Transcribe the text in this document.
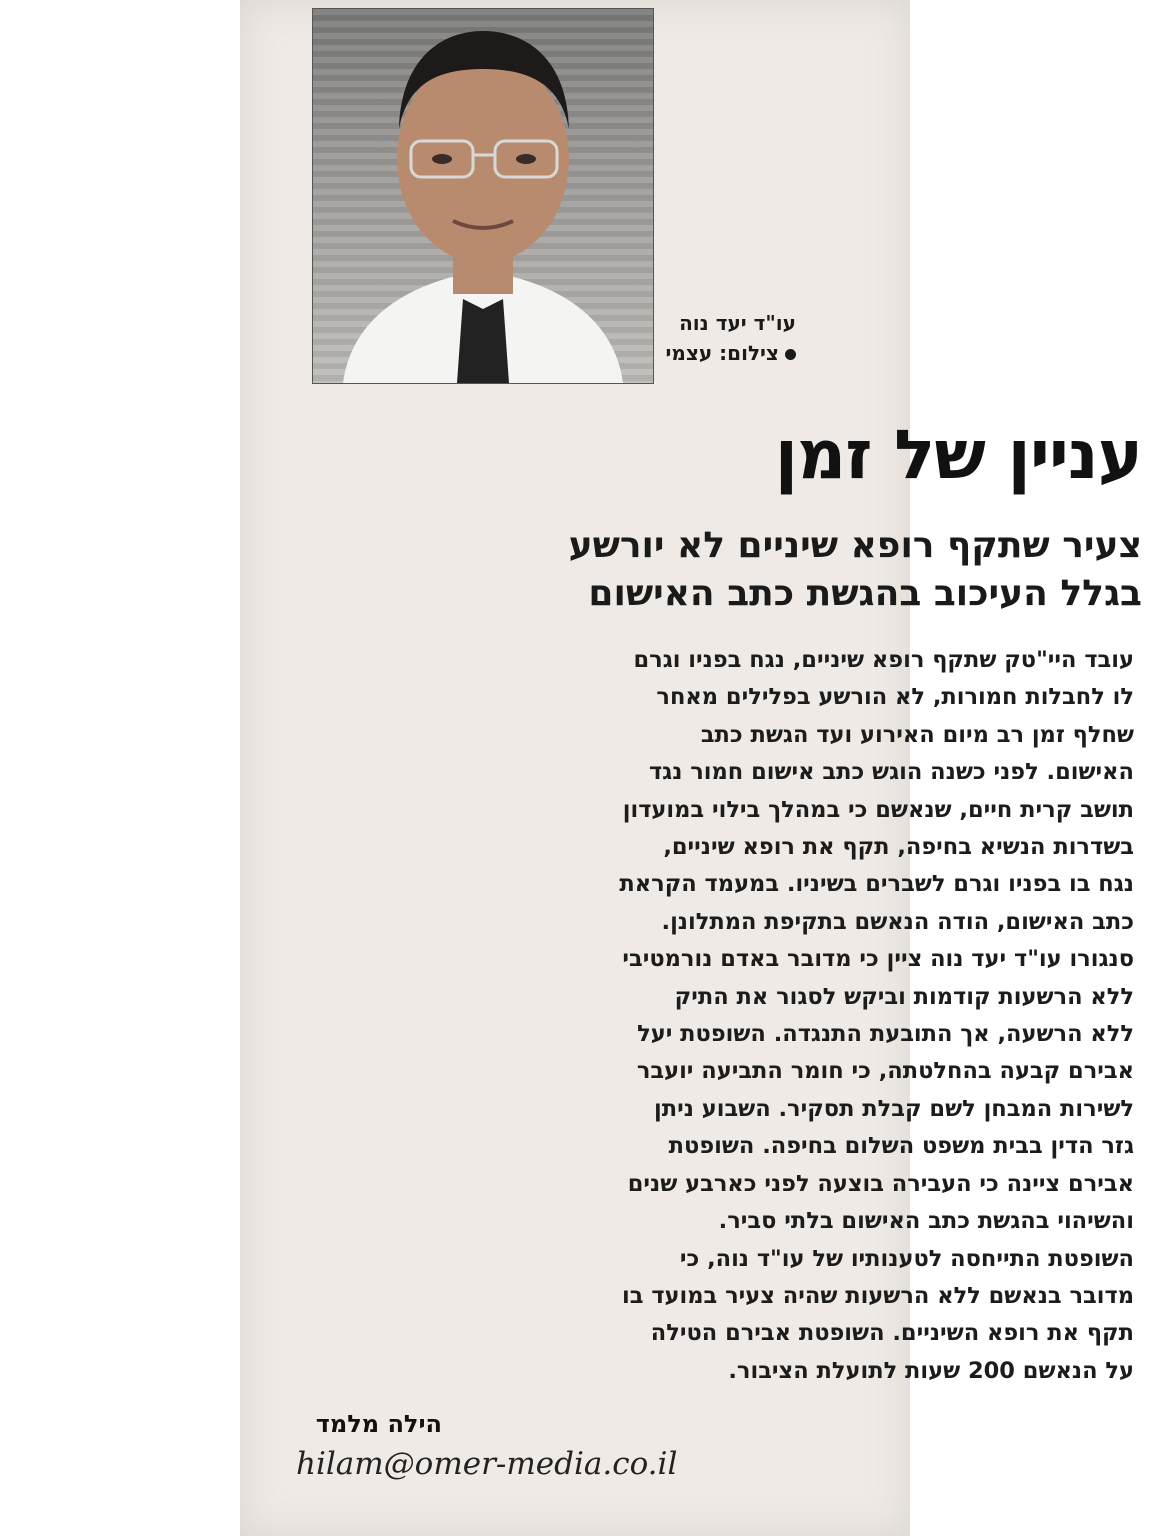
עו"ד יעד נוה
צילום: עצמי
עניין של זמן
צעיר שתקף רופא שיניים לא יורשע
בגלל העיכוב בהגשת כתב האישום
עובד היי"טק שתקף רופא שיניים, נגח בפניו וגרם
לו לחבלות חמורות, לא הורשע בפלילים מאחר
שחלף זמן רב מיום האירוע ועד הגשת כתב
האישום. לפני כשנה הוגש כתב אישום חמור נגד
תושב קרית חיים, שנאשם כי במהלך בילוי במועדון
בשדרות הנשיא בחיפה, תקף את רופא שיניים,
נגח בו בפניו וגרם לשברים בשיניו. במעמד הקראת
כתב האישום, הודה הנאשם בתקיפת המתלונן.
סנגורו עו"ד יעד נוה ציין כי מדובר באדם נורמטיבי
ללא הרשעות קודמות וביקש לסגור את התיק
ללא הרשעה, אך התובעת התנגדה. השופטת יעל
אבירם קבעה בהחלטתה, כי חומר התביעה יועבר
לשירות המבחן לשם קבלת תסקיר. השבוע ניתן
גזר הדין בבית משפט השלום בחיפה. השופטת
אבירם ציינה כי העבירה בוצעה לפני כארבע שנים
והשיהוי בהגשת כתב האישום בלתי סביר.
השופטת התייחסה לטענותיו של עו"ד נוה, כי
מדובר בנאשם ללא הרשעות שהיה צעיר במועד בו
תקף את רופא השיניים. השופטת אבירם הטילה
על הנאשם 200 שעות לתועלת הציבור.
הילה מלמד
hilam@omer-media.co.il
